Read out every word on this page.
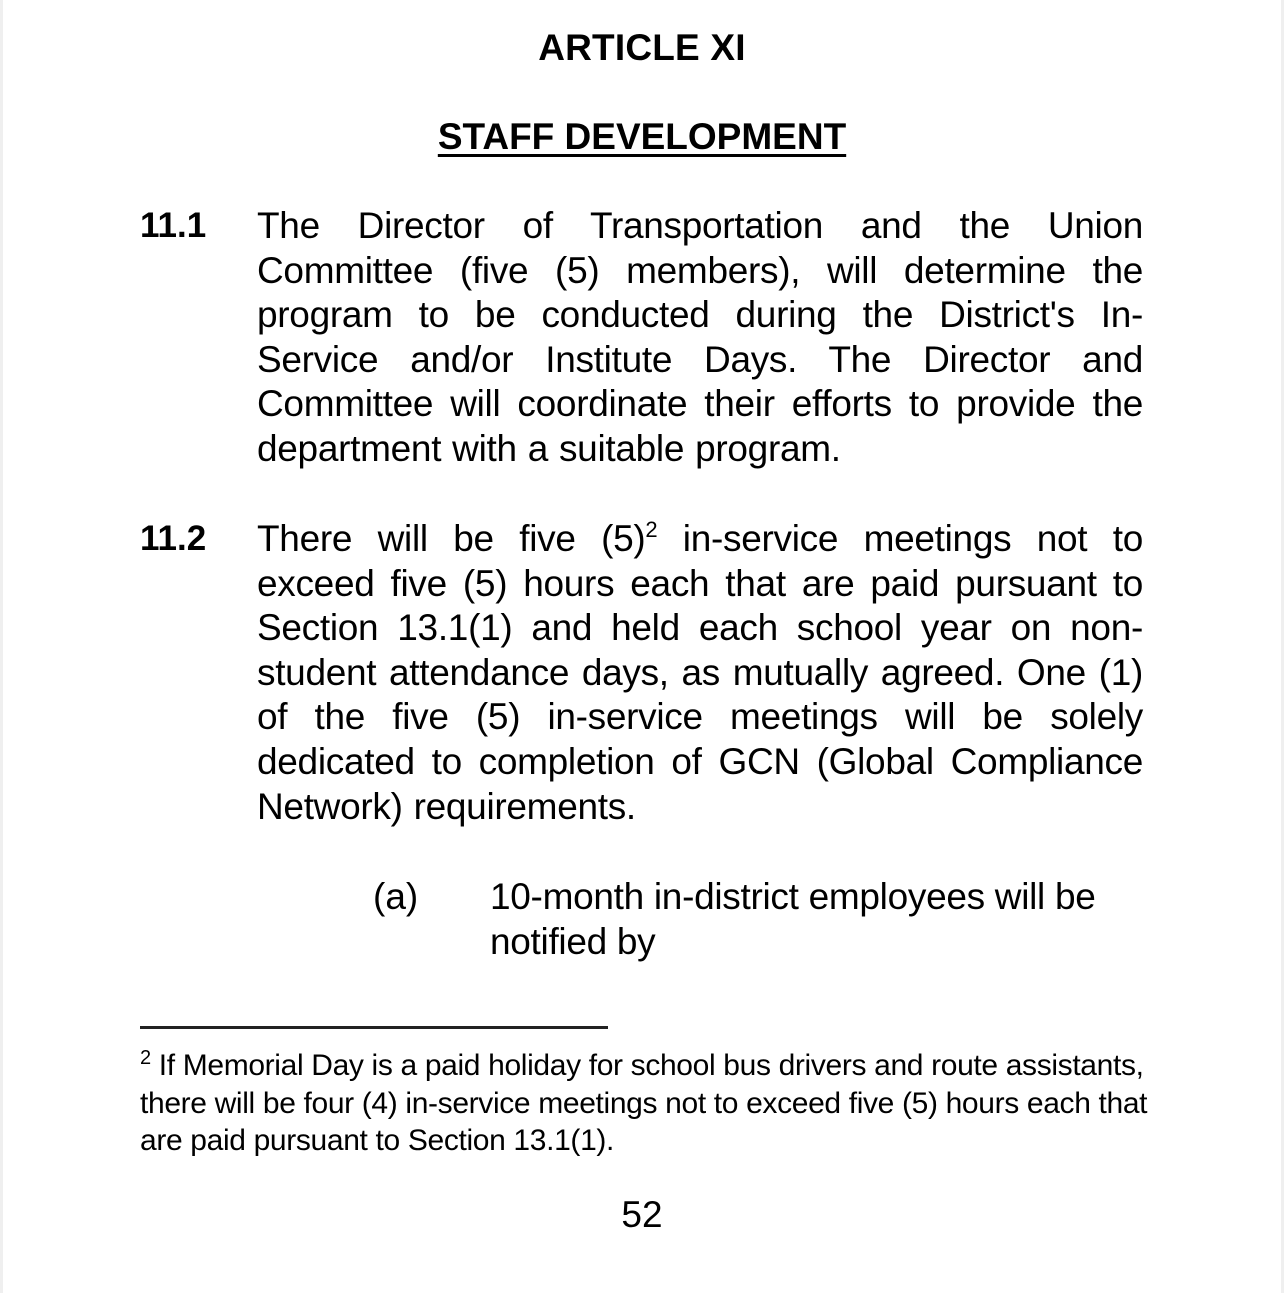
ARTICLE XI
STAFF DEVELOPMENT
11.1 The Director of Transportation and the Union Committee (five (5) members), will determine the program to be conducted during the District's In-Service and/or Institute Days. The Director and Committee will coordinate their efforts to provide the department with a suitable program.
11.2 There will be five $(5)^2$ in-service meetings not to exceed five (5) hours each that are paid pursuant to Section 13.1(1) and held each school year on non-student attendance days, as mutually agreed. One (1) of the five (5) in-service meetings will be solely dedicated to completion of GCN (Global Compliance Network) requirements.
(a) 10-month in-district employees will be notified by
$^2$ If Memorial Day is a paid holiday for school bus drivers and route assistants, there will be four (4) in-service meetings not to exceed five (5) hours each that are paid pursuant to Section 13.1(1).
52
